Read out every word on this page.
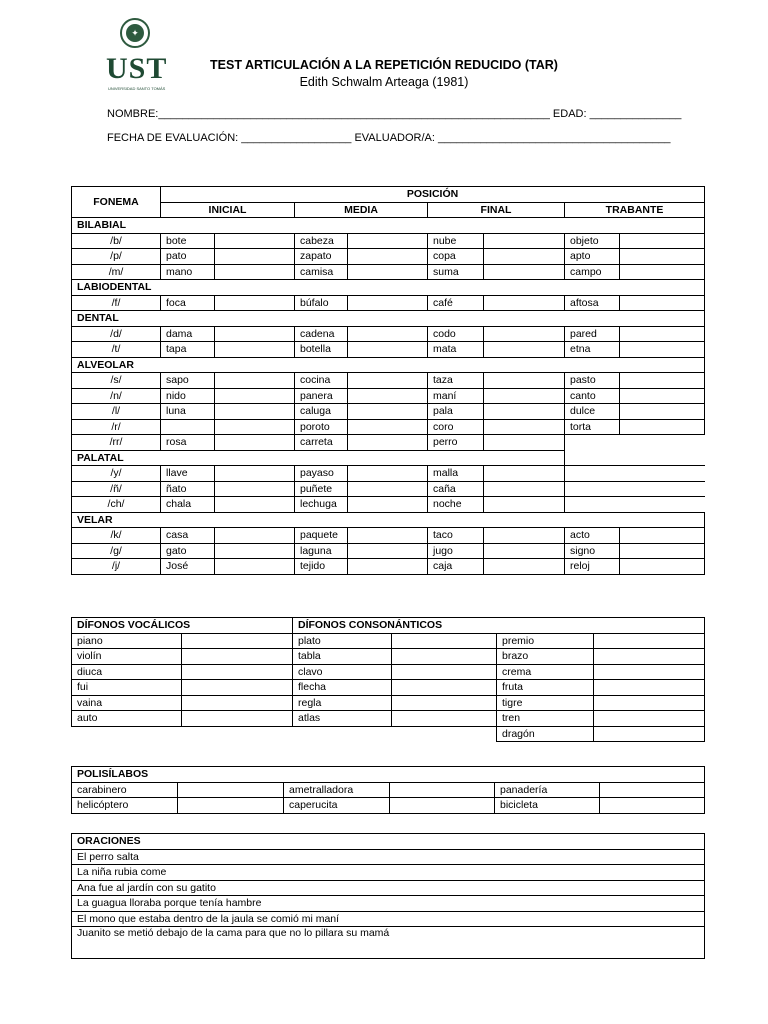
✦
UST
UNIVERSIDAD SANTO TOMÁS
TEST ARTICULACIÓN A LA REPETICIÓN REDUCIDO (TAR)
Edith Schwalm Arteaga (1981)
NOMBRE:________________________________________________________________ EDAD: _______________
FECHA DE EVALUACIÓN: __________________ EVALUADOR/A: ______________________________________
FONEMA	POSICIÓN							
	INICIAL		MEDIA		FINAL		TRABANTE	
BILABIAL								
/b/	bote		cabeza		nube		objeto	
/p/	pato		zapato		copa		apto	
/m/	mano		camisa		suma		campo	
LABIODENTAL								
/f/	foca		búfalo		café		aftosa	
DENTAL								
/d/	dama		cadena		codo		pared	
/t/	tapa		botella		mata		etna	
ALVEOLAR								
/s/	sapo		cocina		taza		pasto	
/n/	nido		panera		maní		canto	
/l/	luna		caluga		pala		dulce	
/r/			poroto		coro		torta	
/rr/	rosa		carreta		perro			
PALATAL								
/y/	llave		payaso		malla			
/ñ/	ñato		puñete		caña			
/ch/	chala		lechuga		noche			
VELAR								
/k/	casa		paquete		taco		acto	
/g/	gato		laguna		jugo		signo	
/j/	José		tejido		caja		reloj	
DÍFONOS VOCÁLICOS		DÍFONOS CONSONÁNTICOS			
piano		plato		premio	
violín		tabla		brazo	
diuca		clavo		crema	
fui		flecha		fruta	
vaina		regla		tigre	
auto		atlas		tren	
				dragón	
POLISÍLABOS					
carabinero		ametralladora		panadería	
helicóptero		caperucita		bicicleta	
ORACIONES
El perro salta
La niña rubia come
Ana fue al jardín con su gatito
La guagua lloraba porque tenía hambre
El mono que estaba dentro de la jaula se comió mi maní
Juanito se metió debajo de la cama para que no lo pillara su mamá
